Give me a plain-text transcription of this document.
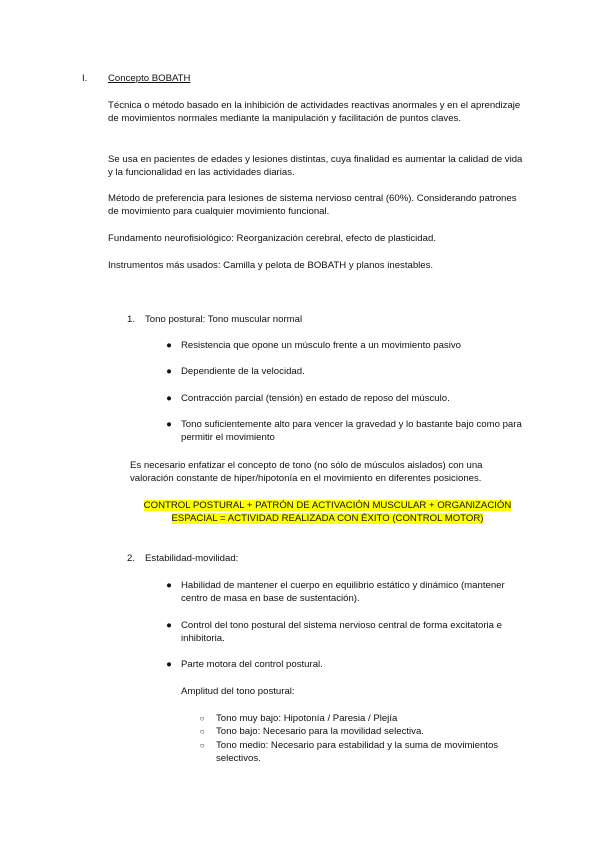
I. Concepto BOBATH
Técnica o método basado en la inhibición de actividades reactivas anormales y en el aprendizaje de movimientos normales mediante la manipulación y facilitación de puntos claves.
Se usa en pacientes de edades y lesiones distintas, cuya finalidad es aumentar la calidad de vida y la funcionalidad en las actividades diarias.
Método de preferencia para lesiones de sistema nervioso central (60%). Considerando patrones de movimiento para cualquier movimiento funcional.
Fundamento neurofisiológico: Reorganización cerebral, efecto de plasticidad.
Instrumentos más usados: Camilla y pelota de BOBATH y planos inestables.
1. Tono postural: Tono muscular normal
● Resistencia que opone un músculo frente a un movimiento pasivo
● Dependiente de la velocidad.
● Contracción parcial (tensión) en estado de reposo del músculo.
● Tono suficientemente alto para vencer la gravedad y lo bastante bajo como para permitir el movimiento
Es necesario enfatizar el concepto de tono (no sólo de músculos aislados) con una valoración constante de hiper/hipotonía en el movimiento en diferentes posiciones.
CONTROL POSTURAL + PATRÓN DE ACTIVACIÓN MUSCULAR + ORGANIZACIÓN
ESPACIAL = ACTIVIDAD REALIZADA CON ÉXITO (CONTROL MOTOR)
2. Estabilidad-movilidad:
● Habilidad de mantener el cuerpo en equilibrio estático y dinámico (mantener centro de masa en base de sustentación).
● Control del tono postural del sistema nervioso central de forma excitatoria e inhibitoria.
● Parte motora del control postural.
Amplitud del tono postural:
○ Tono muy bajo: Hipotonía / Paresia / Plejía
○ Tono bajo: Necesario para la movilidad selectiva.
○ Tono medio: Necesario para estabilidad y la suma de movimientos selectivos.
